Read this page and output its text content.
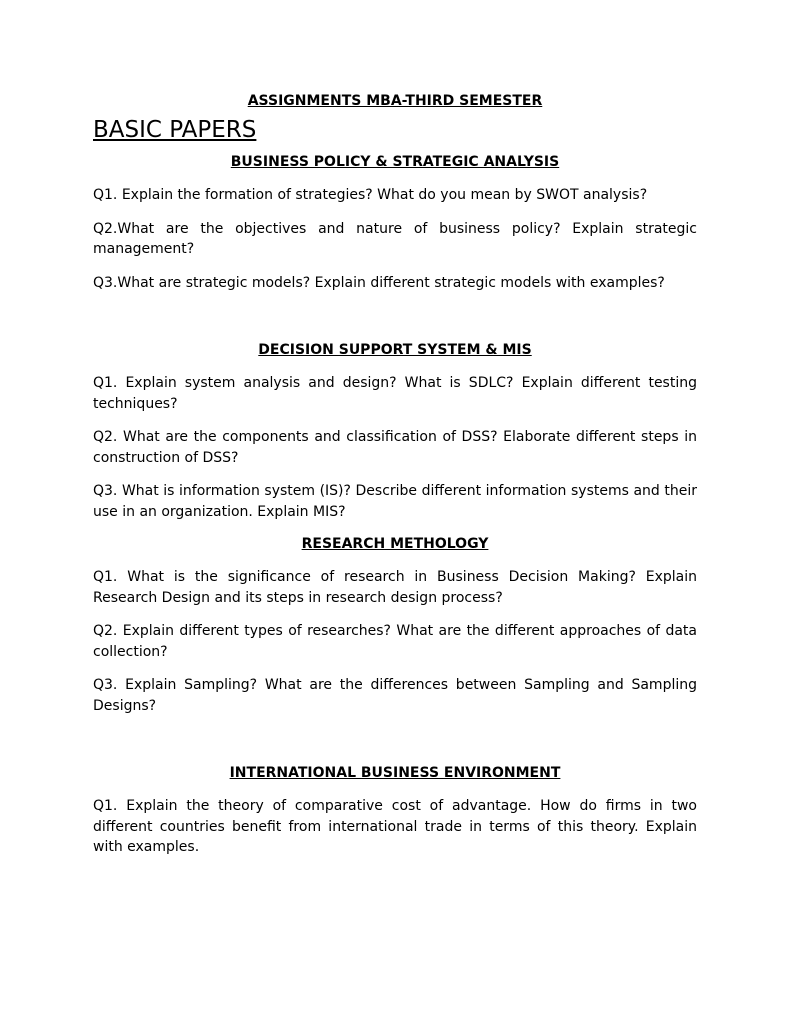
ASSIGNMENTS MBA-THIRD SEMESTER

BASIC PAPERS

BUSINESS POLICY & STRATEGIC ANALYSIS

Q1. Explain the formation of strategies? What do you mean by SWOT analysis?

Q2.What are the objectives and nature of business policy? Explain strategic management?

Q3.What are strategic models? Explain different strategic models with examples?

DECISION SUPPORT SYSTEM & MIS

Q1. Explain system analysis and design? What is SDLC? Explain different testing techniques?

Q2. What are the components and classification of DSS? Elaborate different steps in construction of DSS?

Q3. What is information system (IS)? Describe different information systems and their use in an organization. Explain MIS?

RESEARCH METHOLOGY

Q1. What is the significance of research in Business Decision Making? Explain Research Design and its steps in research design process?

Q2. Explain different types of researches? What are the different approaches of data collection?

Q3. Explain Sampling? What are the differences between Sampling and Sampling Designs?

INTERNATIONAL BUSINESS ENVIRONMENT

Q1. Explain the theory of comparative cost of advantage. How do firms in two different countries benefit from international trade in terms of this theory. Explain with examples.
